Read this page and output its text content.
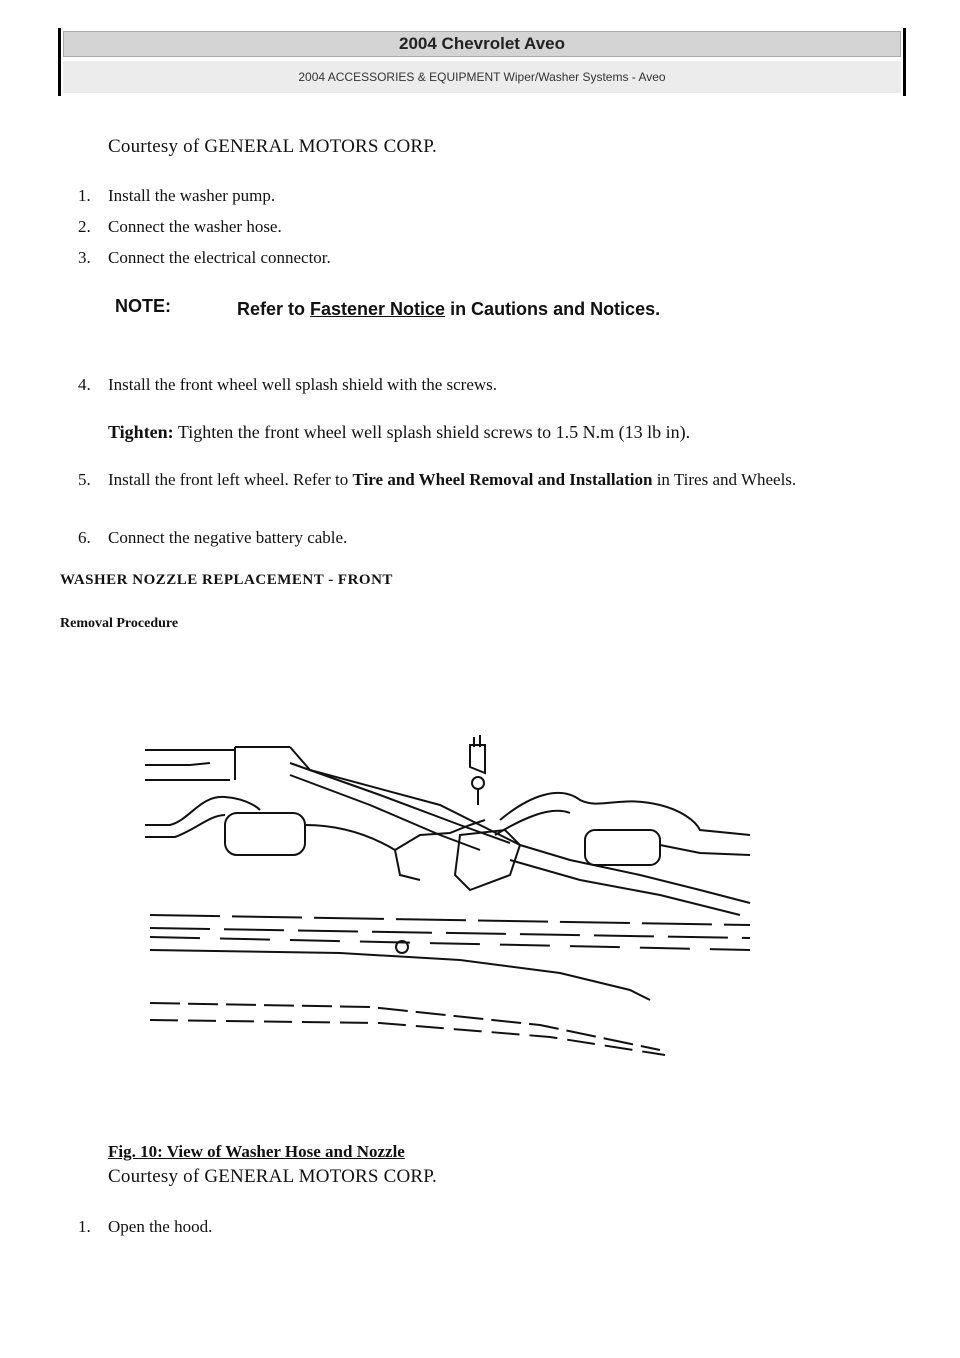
2004 Chevrolet Aveo
2004 ACCESSORIES & EQUIPMENT Wiper/Washer Systems - Aveo
Courtesy of GENERAL MOTORS CORP.
1.	Install the washer pump.
2.	Connect the washer hose.
3.	Connect the electrical connector.
NOTE:	Refer to Fastener Notice in Cautions and Notices.
4.	Install the front wheel well splash shield with the screws.
Tighten: Tighten the front wheel well splash shield screws to 1.5 N.m (13 lb in).
5.	Install the front left wheel. Refer to Tire and Wheel Removal and Installation in Tires and Wheels.
6.	Connect the negative battery cable.
WASHER NOZZLE REPLACEMENT - FRONT
Removal Procedure
Fig. 10: View of Washer Hose and Nozzle
Courtesy of GENERAL MOTORS CORP.
1.	Open the hood.
